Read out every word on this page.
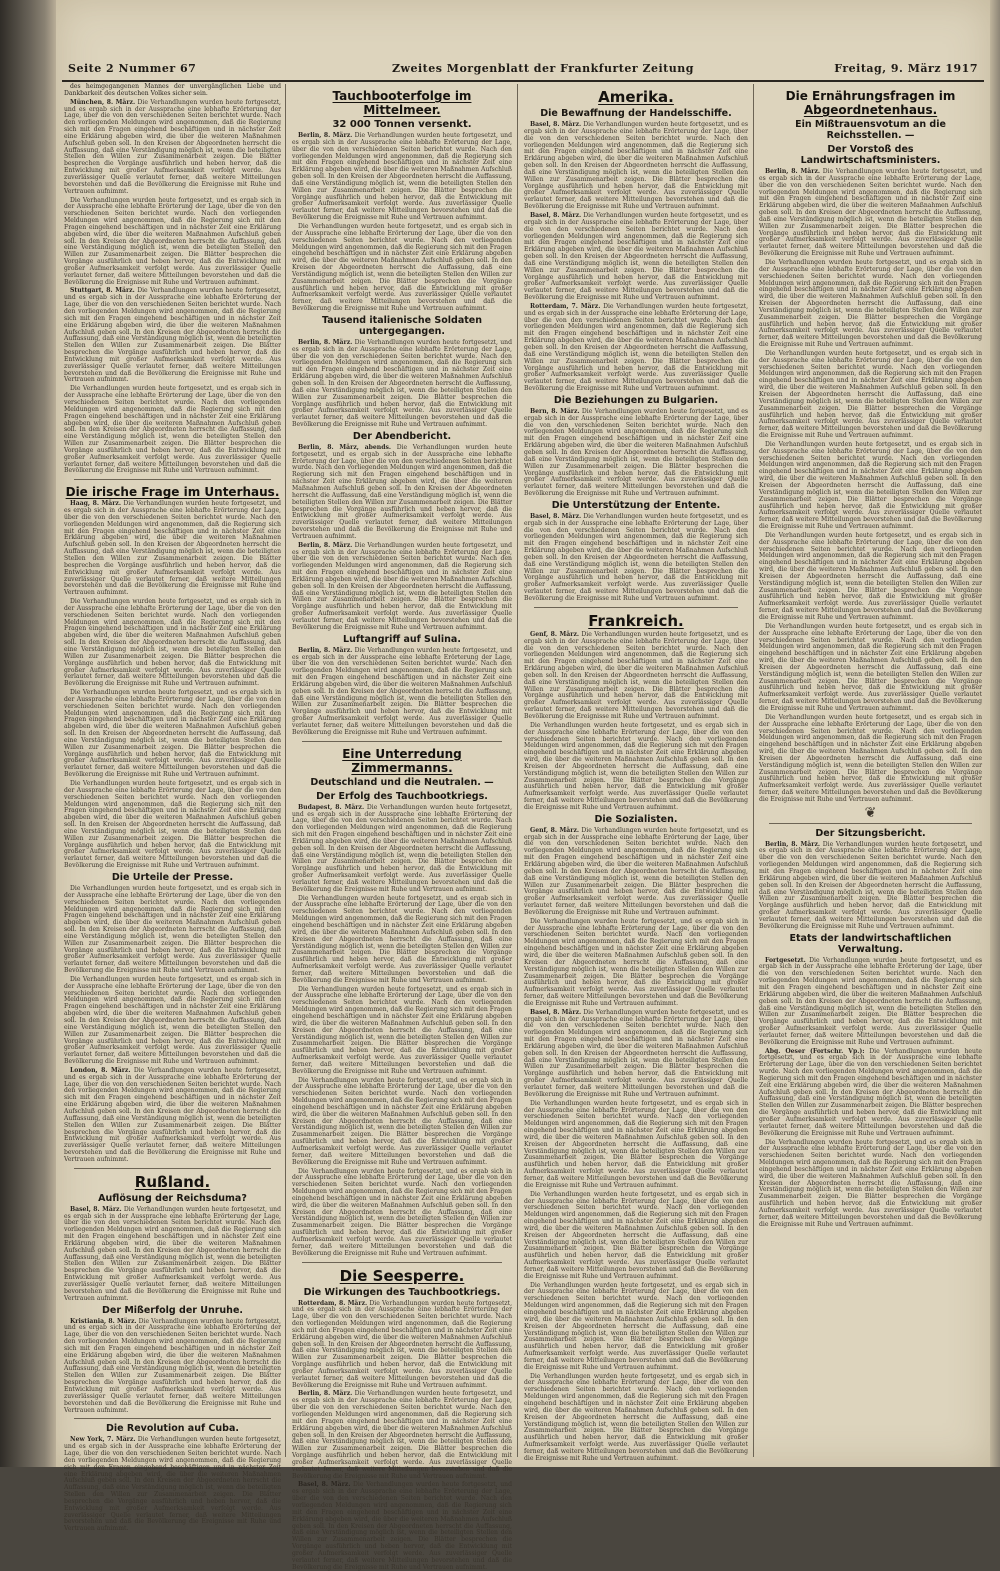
Seite 2 Nummer 67	Zweites Morgenblatt der Frankfurter Zeitung	Freitag, 9. März 1917

des heimgegangenen Mannes der unvergänglichen Liebe und Dankbarkeit des deutschen Volkes sicher sein.

München, 8. März. Die Verhandlungen wurden heute fortgesetzt, und es ergab sich in der Aussprache eine lebhafte Erörterung der Lage, über die von den verschiedenen Seiten berichtet wurde. Nach den vorliegenden Meldungen wird angenommen, daß die Regierung sich mit den Fragen eingehend beschäftigen und in nächster Zeit eine Erklärung abgeben wird, die über die weiteren Maßnahmen Aufschluß geben soll. In den Kreisen der Abgeordneten herrscht die Auffassung, daß eine Verständigung möglich ist, wenn die beteiligten Stellen den Willen zur Zusammenarbeit zeigen. Die Blätter besprechen die Vorgänge ausführlich und heben hervor, daß die Entwicklung mit großer Aufmerksamkeit verfolgt werde. Aus zuverlässiger Quelle verlautet ferner, daß weitere Mitteilungen bevorstehen und daß die Bevölkerung die Ereignisse mit Ruhe und Vertrauen aufnimmt.

Die Verhandlungen wurden heute fortgesetzt, und es ergab sich in der Aussprache eine lebhafte Erörterung der Lage, über die von den verschiedenen Seiten berichtet wurde. Nach den vorliegenden Meldungen wird angenommen, daß die Regierung sich mit den Fragen eingehend beschäftigen und in nächster Zeit eine Erklärung abgeben wird, die über die weiteren Maßnahmen Aufschluß geben soll. In den Kreisen der Abgeordneten herrscht die Auffassung, daß eine Verständigung möglich ist, wenn die beteiligten Stellen den Willen zur Zusammenarbeit zeigen. Die Blätter besprechen die Vorgänge ausführlich und heben hervor, daß die Entwicklung mit großer Aufmerksamkeit verfolgt werde. Aus zuverlässiger Quelle verlautet ferner, daß weitere Mitteilungen bevorstehen und daß die Bevölkerung die Ereignisse mit Ruhe und Vertrauen aufnimmt.

Stuttgart, 8. März. Die Verhandlungen wurden heute fortgesetzt, und es ergab sich in der Aussprache eine lebhafte Erörterung der Lage, über die von den verschiedenen Seiten berichtet wurde. Nach den vorliegenden Meldungen wird angenommen, daß die Regierung sich mit den Fragen eingehend beschäftigen und in nächster Zeit eine Erklärung abgeben wird, die über die weiteren Maßnahmen Aufschluß geben soll. In den Kreisen der Abgeordneten herrscht die Auffassung, daß eine Verständigung möglich ist, wenn die beteiligten Stellen den Willen zur Zusammenarbeit zeigen. Die Blätter besprechen die Vorgänge ausführlich und heben hervor, daß die Entwicklung mit großer Aufmerksamkeit verfolgt werde. Aus zuverlässiger Quelle verlautet ferner, daß weitere Mitteilungen bevorstehen und daß die Bevölkerung die Ereignisse mit Ruhe und Vertrauen aufnimmt.

Die Verhandlungen wurden heute fortgesetzt, und es ergab sich in der Aussprache eine lebhafte Erörterung der Lage, über die von den verschiedenen Seiten berichtet wurde. Nach den vorliegenden Meldungen wird angenommen, daß die Regierung sich mit den Fragen eingehend beschäftigen und in nächster Zeit eine Erklärung abgeben wird, die über die weiteren Maßnahmen Aufschluß geben soll. In den Kreisen der Abgeordneten herrscht die Auffassung, daß eine Verständigung möglich ist, wenn die beteiligten Stellen den Willen zur Zusammenarbeit zeigen. Die Blätter besprechen die Vorgänge ausführlich und heben hervor, daß die Entwicklung mit großer Aufmerksamkeit verfolgt werde. Aus zuverlässiger Quelle verlautet ferner, daß weitere Mitteilungen bevorstehen und daß die Bevölkerung die Ereignisse mit Ruhe und Vertrauen aufnimmt.

Die irische Frage im Unterhaus.

Haag, 8. März. Die Verhandlungen wurden heute fortgesetzt, und es ergab sich in der Aussprache eine lebhafte Erörterung der Lage, über die von den verschiedenen Seiten berichtet wurde. Nach den vorliegenden Meldungen wird angenommen, daß die Regierung sich mit den Fragen eingehend beschäftigen und in nächster Zeit eine Erklärung abgeben wird, die über die weiteren Maßnahmen Aufschluß geben soll. In den Kreisen der Abgeordneten herrscht die Auffassung, daß eine Verständigung möglich ist, wenn die beteiligten Stellen den Willen zur Zusammenarbeit zeigen. Die Blätter besprechen die Vorgänge ausführlich und heben hervor, daß die Entwicklung mit großer Aufmerksamkeit verfolgt werde. Aus zuverlässiger Quelle verlautet ferner, daß weitere Mitteilungen bevorstehen und daß die Bevölkerung die Ereignisse mit Ruhe und Vertrauen aufnimmt.

Die Verhandlungen wurden heute fortgesetzt, und es ergab sich in der Aussprache eine lebhafte Erörterung der Lage, über die von den verschiedenen Seiten berichtet wurde. Nach den vorliegenden Meldungen wird angenommen, daß die Regierung sich mit den Fragen eingehend beschäftigen und in nächster Zeit eine Erklärung abgeben wird, die über die weiteren Maßnahmen Aufschluß geben soll. In den Kreisen der Abgeordneten herrscht die Auffassung, daß eine Verständigung möglich ist, wenn die beteiligten Stellen den Willen zur Zusammenarbeit zeigen. Die Blätter besprechen die Vorgänge ausführlich und heben hervor, daß die Entwicklung mit großer Aufmerksamkeit verfolgt werde. Aus zuverlässiger Quelle verlautet ferner, daß weitere Mitteilungen bevorstehen und daß die Bevölkerung die Ereignisse mit Ruhe und Vertrauen aufnimmt.

Die Verhandlungen wurden heute fortgesetzt, und es ergab sich in der Aussprache eine lebhafte Erörterung der Lage, über die von den verschiedenen Seiten berichtet wurde. Nach den vorliegenden Meldungen wird angenommen, daß die Regierung sich mit den Fragen eingehend beschäftigen und in nächster Zeit eine Erklärung abgeben wird, die über die weiteren Maßnahmen Aufschluß geben soll. In den Kreisen der Abgeordneten herrscht die Auffassung, daß eine Verständigung möglich ist, wenn die beteiligten Stellen den Willen zur Zusammenarbeit zeigen. Die Blätter besprechen die Vorgänge ausführlich und heben hervor, daß die Entwicklung mit großer Aufmerksamkeit verfolgt werde. Aus zuverlässiger Quelle verlautet ferner, daß weitere Mitteilungen bevorstehen und daß die Bevölkerung die Ereignisse mit Ruhe und Vertrauen aufnimmt.

Die Verhandlungen wurden heute fortgesetzt, und es ergab sich in der Aussprache eine lebhafte Erörterung der Lage, über die von den verschiedenen Seiten berichtet wurde. Nach den vorliegenden Meldungen wird angenommen, daß die Regierung sich mit den Fragen eingehend beschäftigen und in nächster Zeit eine Erklärung abgeben wird, die über die weiteren Maßnahmen Aufschluß geben soll. In den Kreisen der Abgeordneten herrscht die Auffassung, daß eine Verständigung möglich ist, wenn die beteiligten Stellen den Willen zur Zusammenarbeit zeigen. Die Blätter besprechen die Vorgänge ausführlich und heben hervor, daß die Entwicklung mit großer Aufmerksamkeit verfolgt werde. Aus zuverlässiger Quelle verlautet ferner, daß weitere Mitteilungen bevorstehen und daß die Bevölkerung die Ereignisse mit Ruhe und Vertrauen aufnimmt.

Die Urteile der Presse.

Die Verhandlungen wurden heute fortgesetzt, und es ergab sich in der Aussprache eine lebhafte Erörterung der Lage, über die von den verschiedenen Seiten berichtet wurde. Nach den vorliegenden Meldungen wird angenommen, daß die Regierung sich mit den Fragen eingehend beschäftigen und in nächster Zeit eine Erklärung abgeben wird, die über die weiteren Maßnahmen Aufschluß geben soll. In den Kreisen der Abgeordneten herrscht die Auffassung, daß eine Verständigung möglich ist, wenn die beteiligten Stellen den Willen zur Zusammenarbeit zeigen. Die Blätter besprechen die Vorgänge ausführlich und heben hervor, daß die Entwicklung mit großer Aufmerksamkeit verfolgt werde. Aus zuverlässiger Quelle verlautet ferner, daß weitere Mitteilungen bevorstehen und daß die Bevölkerung die Ereignisse mit Ruhe und Vertrauen aufnimmt.

Die Verhandlungen wurden heute fortgesetzt, und es ergab sich in der Aussprache eine lebhafte Erörterung der Lage, über die von den verschiedenen Seiten berichtet wurde. Nach den vorliegenden Meldungen wird angenommen, daß die Regierung sich mit den Fragen eingehend beschäftigen und in nächster Zeit eine Erklärung abgeben wird, die über die weiteren Maßnahmen Aufschluß geben soll. In den Kreisen der Abgeordneten herrscht die Auffassung, daß eine Verständigung möglich ist, wenn die beteiligten Stellen den Willen zur Zusammenarbeit zeigen. Die Blätter besprechen die Vorgänge ausführlich und heben hervor, daß die Entwicklung mit großer Aufmerksamkeit verfolgt werde. Aus zuverlässiger Quelle verlautet ferner, daß weitere Mitteilungen bevorstehen und daß die Bevölkerung die Ereignisse mit Ruhe und Vertrauen aufnimmt.

London, 8. März. Die Verhandlungen wurden heute fortgesetzt, und es ergab sich in der Aussprache eine lebhafte Erörterung der Lage, über die von den verschiedenen Seiten berichtet wurde. Nach den vorliegenden Meldungen wird angenommen, daß die Regierung sich mit den Fragen eingehend beschäftigen und in nächster Zeit eine Erklärung abgeben wird, die über die weiteren Maßnahmen Aufschluß geben soll. In den Kreisen der Abgeordneten herrscht die Auffassung, daß eine Verständigung möglich ist, wenn die beteiligten Stellen den Willen zur Zusammenarbeit zeigen. Die Blätter besprechen die Vorgänge ausführlich und heben hervor, daß die Entwicklung mit großer Aufmerksamkeit verfolgt werde. Aus zuverlässiger Quelle verlautet ferner, daß weitere Mitteilungen bevorstehen und daß die Bevölkerung die Ereignisse mit Ruhe und Vertrauen aufnimmt.

Rußland.
Auflösung der Reichsduma?

Basel, 8. März. Die Verhandlungen wurden heute fortgesetzt, und es ergab sich in der Aussprache eine lebhafte Erörterung der Lage, über die von den verschiedenen Seiten berichtet wurde. Nach den vorliegenden Meldungen wird angenommen, daß die Regierung sich mit den Fragen eingehend beschäftigen und in nächster Zeit eine Erklärung abgeben wird, die über die weiteren Maßnahmen Aufschluß geben soll. In den Kreisen der Abgeordneten herrscht die Auffassung, daß eine Verständigung möglich ist, wenn die beteiligten Stellen den Willen zur Zusammenarbeit zeigen. Die Blätter besprechen die Vorgänge ausführlich und heben hervor, daß die Entwicklung mit großer Aufmerksamkeit verfolgt werde. Aus zuverlässiger Quelle verlautet ferner, daß weitere Mitteilungen bevorstehen und daß die Bevölkerung die Ereignisse mit Ruhe und Vertrauen aufnimmt.

Der Mißerfolg der Unruhe.

Kristiania, 8. März. Die Verhandlungen wurden heute fortgesetzt, und es ergab sich in der Aussprache eine lebhafte Erörterung der Lage, über die von den verschiedenen Seiten berichtet wurde. Nach den vorliegenden Meldungen wird angenommen, daß die Regierung sich mit den Fragen eingehend beschäftigen und in nächster Zeit eine Erklärung abgeben wird, die über die weiteren Maßnahmen Aufschluß geben soll. In den Kreisen der Abgeordneten herrscht die Auffassung, daß eine Verständigung möglich ist, wenn die beteiligten Stellen den Willen zur Zusammenarbeit zeigen. Die Blätter besprechen die Vorgänge ausführlich und heben hervor, daß die Entwicklung mit großer Aufmerksamkeit verfolgt werde. Aus zuverlässiger Quelle verlautet ferner, daß weitere Mitteilungen bevorstehen und daß die Bevölkerung die Ereignisse mit Ruhe und Vertrauen aufnimmt.

Die Revolution auf Cuba.

New York, 7. März. Die Verhandlungen wurden heute fortgesetzt, und es ergab sich in der Aussprache eine lebhafte Erörterung der Lage, über die von den verschiedenen Seiten berichtet wurde. Nach den vorliegenden Meldungen wird angenommen, daß die Regierung sich mit den Fragen eingehend beschäftigen und in nächster Zeit eine Erklärung abgeben wird, die über die weiteren Maßnahmen Aufschluß geben soll. In den Kreisen der Abgeordneten herrscht die Auffassung, daß eine Verständigung möglich ist, wenn die beteiligten Stellen den Willen zur Zusammenarbeit zeigen. Die Blätter besprechen die Vorgänge ausführlich und heben hervor, daß die Entwicklung mit großer Aufmerksamkeit verfolgt werde. Aus zuverlässiger Quelle verlautet ferner, daß weitere Mitteilungen bevorstehen und daß die Bevölkerung die Ereignisse mit Ruhe und Vertrauen aufnimmt.

Tauchbooterfolge im Mittelmeer.
32 000 Tonnen versenkt.

Berlin, 8. März. Die Verhandlungen wurden heute fortgesetzt, und es ergab sich in der Aussprache eine lebhafte Erörterung der Lage, über die von den verschiedenen Seiten berichtet wurde. Nach den vorliegenden Meldungen wird angenommen, daß die Regierung sich mit den Fragen eingehend beschäftigen und in nächster Zeit eine Erklärung abgeben wird, die über die weiteren Maßnahmen Aufschluß geben soll. In den Kreisen der Abgeordneten herrscht die Auffassung, daß eine Verständigung möglich ist, wenn die beteiligten Stellen den Willen zur Zusammenarbeit zeigen. Die Blätter besprechen die Vorgänge ausführlich und heben hervor, daß die Entwicklung mit großer Aufmerksamkeit verfolgt werde. Aus zuverlässiger Quelle verlautet ferner, daß weitere Mitteilungen bevorstehen und daß die Bevölkerung die Ereignisse mit Ruhe und Vertrauen aufnimmt.

Die Verhandlungen wurden heute fortgesetzt, und es ergab sich in der Aussprache eine lebhafte Erörterung der Lage, über die von den verschiedenen Seiten berichtet wurde. Nach den vorliegenden Meldungen wird angenommen, daß die Regierung sich mit den Fragen eingehend beschäftigen und in nächster Zeit eine Erklärung abgeben wird, die über die weiteren Maßnahmen Aufschluß geben soll. In den Kreisen der Abgeordneten herrscht die Auffassung, daß eine Verständigung möglich ist, wenn die beteiligten Stellen den Willen zur Zusammenarbeit zeigen. Die Blätter besprechen die Vorgänge ausführlich und heben hervor, daß die Entwicklung mit großer Aufmerksamkeit verfolgt werde. Aus zuverlässiger Quelle verlautet ferner, daß weitere Mitteilungen bevorstehen und daß die Bevölkerung die Ereignisse mit Ruhe und Vertrauen aufnimmt.

Tausend italienische Soldaten untergegangen.

Berlin, 8. März. Die Verhandlungen wurden heute fortgesetzt, und es ergab sich in der Aussprache eine lebhafte Erörterung der Lage, über die von den verschiedenen Seiten berichtet wurde. Nach den vorliegenden Meldungen wird angenommen, daß die Regierung sich mit den Fragen eingehend beschäftigen und in nächster Zeit eine Erklärung abgeben wird, die über die weiteren Maßnahmen Aufschluß geben soll. In den Kreisen der Abgeordneten herrscht die Auffassung, daß eine Verständigung möglich ist, wenn die beteiligten Stellen den Willen zur Zusammenarbeit zeigen. Die Blätter besprechen die Vorgänge ausführlich und heben hervor, daß die Entwicklung mit großer Aufmerksamkeit verfolgt werde. Aus zuverlässiger Quelle verlautet ferner, daß weitere Mitteilungen bevorstehen und daß die Bevölkerung die Ereignisse mit Ruhe und Vertrauen aufnimmt.

Der Abendbericht.

Berlin, 8. März, abends. Die Verhandlungen wurden heute fortgesetzt, und es ergab sich in der Aussprache eine lebhafte Erörterung der Lage, über die von den verschiedenen Seiten berichtet wurde. Nach den vorliegenden Meldungen wird angenommen, daß die Regierung sich mit den Fragen eingehend beschäftigen und in nächster Zeit eine Erklärung abgeben wird, die über die weiteren Maßnahmen Aufschluß geben soll. In den Kreisen der Abgeordneten herrscht die Auffassung, daß eine Verständigung möglich ist, wenn die beteiligten Stellen den Willen zur Zusammenarbeit zeigen. Die Blätter besprechen die Vorgänge ausführlich und heben hervor, daß die Entwicklung mit großer Aufmerksamkeit verfolgt werde. Aus zuverlässiger Quelle verlautet ferner, daß weitere Mitteilungen bevorstehen und daß die Bevölkerung die Ereignisse mit Ruhe und Vertrauen aufnimmt.

Berlin, 8. März. Die Verhandlungen wurden heute fortgesetzt, und es ergab sich in der Aussprache eine lebhafte Erörterung der Lage, über die von den verschiedenen Seiten berichtet wurde. Nach den vorliegenden Meldungen wird angenommen, daß die Regierung sich mit den Fragen eingehend beschäftigen und in nächster Zeit eine Erklärung abgeben wird, die über die weiteren Maßnahmen Aufschluß geben soll. In den Kreisen der Abgeordneten herrscht die Auffassung, daß eine Verständigung möglich ist, wenn die beteiligten Stellen den Willen zur Zusammenarbeit zeigen. Die Blätter besprechen die Vorgänge ausführlich und heben hervor, daß die Entwicklung mit großer Aufmerksamkeit verfolgt werde. Aus zuverlässiger Quelle verlautet ferner, daß weitere Mitteilungen bevorstehen und daß die Bevölkerung die Ereignisse mit Ruhe und Vertrauen aufnimmt.

Luftangriff auf Sulina.

Berlin, 8. März. Die Verhandlungen wurden heute fortgesetzt, und es ergab sich in der Aussprache eine lebhafte Erörterung der Lage, über die von den verschiedenen Seiten berichtet wurde. Nach den vorliegenden Meldungen wird angenommen, daß die Regierung sich mit den Fragen eingehend beschäftigen und in nächster Zeit eine Erklärung abgeben wird, die über die weiteren Maßnahmen Aufschluß geben soll. In den Kreisen der Abgeordneten herrscht die Auffassung, daß eine Verständigung möglich ist, wenn die beteiligten Stellen den Willen zur Zusammenarbeit zeigen. Die Blätter besprechen die Vorgänge ausführlich und heben hervor, daß die Entwicklung mit großer Aufmerksamkeit verfolgt werde. Aus zuverlässiger Quelle verlautet ferner, daß weitere Mitteilungen bevorstehen und daß die Bevölkerung die Ereignisse mit Ruhe und Vertrauen aufnimmt.

Eine Unterredung Zimmermanns.
Deutschland und die Neutralen. —
Der Erfolg des Tauchbootkriegs.

Budapest, 8. März. Die Verhandlungen wurden heute fortgesetzt, und es ergab sich in der Aussprache eine lebhafte Erörterung der Lage, über die von den verschiedenen Seiten berichtet wurde. Nach den vorliegenden Meldungen wird angenommen, daß die Regierung sich mit den Fragen eingehend beschäftigen und in nächster Zeit eine Erklärung abgeben wird, die über die weiteren Maßnahmen Aufschluß geben soll. In den Kreisen der Abgeordneten herrscht die Auffassung, daß eine Verständigung möglich ist, wenn die beteiligten Stellen den Willen zur Zusammenarbeit zeigen. Die Blätter besprechen die Vorgänge ausführlich und heben hervor, daß die Entwicklung mit großer Aufmerksamkeit verfolgt werde. Aus zuverlässiger Quelle verlautet ferner, daß weitere Mitteilungen bevorstehen und daß die Bevölkerung die Ereignisse mit Ruhe und Vertrauen aufnimmt.

Die Verhandlungen wurden heute fortgesetzt, und es ergab sich in der Aussprache eine lebhafte Erörterung der Lage, über die von den verschiedenen Seiten berichtet wurde. Nach den vorliegenden Meldungen wird angenommen, daß die Regierung sich mit den Fragen eingehend beschäftigen und in nächster Zeit eine Erklärung abgeben wird, die über die weiteren Maßnahmen Aufschluß geben soll. In den Kreisen der Abgeordneten herrscht die Auffassung, daß eine Verständigung möglich ist, wenn die beteiligten Stellen den Willen zur Zusammenarbeit zeigen. Die Blätter besprechen die Vorgänge ausführlich und heben hervor, daß die Entwicklung mit großer Aufmerksamkeit verfolgt werde. Aus zuverlässiger Quelle verlautet ferner, daß weitere Mitteilungen bevorstehen und daß die Bevölkerung die Ereignisse mit Ruhe und Vertrauen aufnimmt.

Die Verhandlungen wurden heute fortgesetzt, und es ergab sich in der Aussprache eine lebhafte Erörterung der Lage, über die von den verschiedenen Seiten berichtet wurde. Nach den vorliegenden Meldungen wird angenommen, daß die Regierung sich mit den Fragen eingehend beschäftigen und in nächster Zeit eine Erklärung abgeben wird, die über die weiteren Maßnahmen Aufschluß geben soll. In den Kreisen der Abgeordneten herrscht die Auffassung, daß eine Verständigung möglich ist, wenn die beteiligten Stellen den Willen zur Zusammenarbeit zeigen. Die Blätter besprechen die Vorgänge ausführlich und heben hervor, daß die Entwicklung mit großer Aufmerksamkeit verfolgt werde. Aus zuverlässiger Quelle verlautet ferner, daß weitere Mitteilungen bevorstehen und daß die Bevölkerung die Ereignisse mit Ruhe und Vertrauen aufnimmt.

Die Verhandlungen wurden heute fortgesetzt, und es ergab sich in der Aussprache eine lebhafte Erörterung der Lage, über die von den verschiedenen Seiten berichtet wurde. Nach den vorliegenden Meldungen wird angenommen, daß die Regierung sich mit den Fragen eingehend beschäftigen und in nächster Zeit eine Erklärung abgeben wird, die über die weiteren Maßnahmen Aufschluß geben soll. In den Kreisen der Abgeordneten herrscht die Auffassung, daß eine Verständigung möglich ist, wenn die beteiligten Stellen den Willen zur Zusammenarbeit zeigen. Die Blätter besprechen die Vorgänge ausführlich und heben hervor, daß die Entwicklung mit großer Aufmerksamkeit verfolgt werde. Aus zuverlässiger Quelle verlautet ferner, daß weitere Mitteilungen bevorstehen und daß die Bevölkerung die Ereignisse mit Ruhe und Vertrauen aufnimmt.

Die Verhandlungen wurden heute fortgesetzt, und es ergab sich in der Aussprache eine lebhafte Erörterung der Lage, über die von den verschiedenen Seiten berichtet wurde. Nach den vorliegenden Meldungen wird angenommen, daß die Regierung sich mit den Fragen eingehend beschäftigen und in nächster Zeit eine Erklärung abgeben wird, die über die weiteren Maßnahmen Aufschluß geben soll. In den Kreisen der Abgeordneten herrscht die Auffassung, daß eine Verständigung möglich ist, wenn die beteiligten Stellen den Willen zur Zusammenarbeit zeigen. Die Blätter besprechen die Vorgänge ausführlich und heben hervor, daß die Entwicklung mit großer Aufmerksamkeit verfolgt werde. Aus zuverlässiger Quelle verlautet ferner, daß weitere Mitteilungen bevorstehen und daß die Bevölkerung die Ereignisse mit Ruhe und Vertrauen aufnimmt.

Die Seesperre.
Die Wirkungen des Tauchbootkriegs.

Rotterdam, 8. März. Die Verhandlungen wurden heute fortgesetzt, und es ergab sich in der Aussprache eine lebhafte Erörterung der Lage, über die von den verschiedenen Seiten berichtet wurde. Nach den vorliegenden Meldungen wird angenommen, daß die Regierung sich mit den Fragen eingehend beschäftigen und in nächster Zeit eine Erklärung abgeben wird, die über die weiteren Maßnahmen Aufschluß geben soll. In den Kreisen der Abgeordneten herrscht die Auffassung, daß eine Verständigung möglich ist, wenn die beteiligten Stellen den Willen zur Zusammenarbeit zeigen. Die Blätter besprechen die Vorgänge ausführlich und heben hervor, daß die Entwicklung mit großer Aufmerksamkeit verfolgt werde. Aus zuverlässiger Quelle verlautet ferner, daß weitere Mitteilungen bevorstehen und daß die Bevölkerung die Ereignisse mit Ruhe und Vertrauen aufnimmt.

Berlin, 8. März. Die Verhandlungen wurden heute fortgesetzt, und es ergab sich in der Aussprache eine lebhafte Erörterung der Lage, über die von den verschiedenen Seiten berichtet wurde. Nach den vorliegenden Meldungen wird angenommen, daß die Regierung sich mit den Fragen eingehend beschäftigen und in nächster Zeit eine Erklärung abgeben wird, die über die weiteren Maßnahmen Aufschluß geben soll. In den Kreisen der Abgeordneten herrscht die Auffassung, daß eine Verständigung möglich ist, wenn die beteiligten Stellen den Willen zur Zusammenarbeit zeigen. Die Blätter besprechen die Vorgänge ausführlich und heben hervor, daß die Entwicklung mit großer Aufmerksamkeit verfolgt werde. Aus zuverlässiger Quelle verlautet ferner, daß weitere Mitteilungen bevorstehen und daß die Bevölkerung die Ereignisse mit Ruhe und Vertrauen aufnimmt.

Basel, 8. März. Die Verhandlungen wurden heute fortgesetzt, und es ergab sich in der Aussprache eine lebhafte Erörterung der Lage, über die von den verschiedenen Seiten berichtet wurde. Nach den vorliegenden Meldungen wird angenommen, daß die Regierung sich mit den Fragen eingehend beschäftigen und in nächster Zeit eine Erklärung abgeben wird, die über die weiteren Maßnahmen Aufschluß geben soll. In den Kreisen der Abgeordneten herrscht die Auffassung, daß eine Verständigung möglich ist, wenn die beteiligten Stellen den Willen zur Zusammenarbeit zeigen. Die Blätter besprechen die Vorgänge ausführlich und heben hervor, daß die Entwicklung mit großer Aufmerksamkeit verfolgt werde. Aus zuverlässiger Quelle verlautet ferner, daß weitere Mitteilungen bevorstehen und daß die Bevölkerung die Ereignisse mit Ruhe und Vertrauen aufnimmt.

Amerika.
Die Bewaffnung der Handelsschiffe.

Basel, 8. März. Die Verhandlungen wurden heute fortgesetzt, und es ergab sich in der Aussprache eine lebhafte Erörterung der Lage, über die von den verschiedenen Seiten berichtet wurde. Nach den vorliegenden Meldungen wird angenommen, daß die Regierung sich mit den Fragen eingehend beschäftigen und in nächster Zeit eine Erklärung abgeben wird, die über die weiteren Maßnahmen Aufschluß geben soll. In den Kreisen der Abgeordneten herrscht die Auffassung, daß eine Verständigung möglich ist, wenn die beteiligten Stellen den Willen zur Zusammenarbeit zeigen. Die Blätter besprechen die Vorgänge ausführlich und heben hervor, daß die Entwicklung mit großer Aufmerksamkeit verfolgt werde. Aus zuverlässiger Quelle verlautet ferner, daß weitere Mitteilungen bevorstehen und daß die Bevölkerung die Ereignisse mit Ruhe und Vertrauen aufnimmt.

Basel, 8. März. Die Verhandlungen wurden heute fortgesetzt, und es ergab sich in der Aussprache eine lebhafte Erörterung der Lage, über die von den verschiedenen Seiten berichtet wurde. Nach den vorliegenden Meldungen wird angenommen, daß die Regierung sich mit den Fragen eingehend beschäftigen und in nächster Zeit eine Erklärung abgeben wird, die über die weiteren Maßnahmen Aufschluß geben soll. In den Kreisen der Abgeordneten herrscht die Auffassung, daß eine Verständigung möglich ist, wenn die beteiligten Stellen den Willen zur Zusammenarbeit zeigen. Die Blätter besprechen die Vorgänge ausführlich und heben hervor, daß die Entwicklung mit großer Aufmerksamkeit verfolgt werde. Aus zuverlässiger Quelle verlautet ferner, daß weitere Mitteilungen bevorstehen und daß die Bevölkerung die Ereignisse mit Ruhe und Vertrauen aufnimmt.

Rotterdam, 7. März. Die Verhandlungen wurden heute fortgesetzt, und es ergab sich in der Aussprache eine lebhafte Erörterung der Lage, über die von den verschiedenen Seiten berichtet wurde. Nach den vorliegenden Meldungen wird angenommen, daß die Regierung sich mit den Fragen eingehend beschäftigen und in nächster Zeit eine Erklärung abgeben wird, die über die weiteren Maßnahmen Aufschluß geben soll. In den Kreisen der Abgeordneten herrscht die Auffassung, daß eine Verständigung möglich ist, wenn die beteiligten Stellen den Willen zur Zusammenarbeit zeigen. Die Blätter besprechen die Vorgänge ausführlich und heben hervor, daß die Entwicklung mit großer Aufmerksamkeit verfolgt werde. Aus zuverlässiger Quelle verlautet ferner, daß weitere Mitteilungen bevorstehen und daß die Bevölkerung die Ereignisse mit Ruhe und Vertrauen aufnimmt.

Die Beziehungen zu Bulgarien.

Bern, 8. März. Die Verhandlungen wurden heute fortgesetzt, und es ergab sich in der Aussprache eine lebhafte Erörterung der Lage, über die von den verschiedenen Seiten berichtet wurde. Nach den vorliegenden Meldungen wird angenommen, daß die Regierung sich mit den Fragen eingehend beschäftigen und in nächster Zeit eine Erklärung abgeben wird, die über die weiteren Maßnahmen Aufschluß geben soll. In den Kreisen der Abgeordneten herrscht die Auffassung, daß eine Verständigung möglich ist, wenn die beteiligten Stellen den Willen zur Zusammenarbeit zeigen. Die Blätter besprechen die Vorgänge ausführlich und heben hervor, daß die Entwicklung mit großer Aufmerksamkeit verfolgt werde. Aus zuverlässiger Quelle verlautet ferner, daß weitere Mitteilungen bevorstehen und daß die Bevölkerung die Ereignisse mit Ruhe und Vertrauen aufnimmt.

Die Unterstützung der Entente.

Basel, 8. März. Die Verhandlungen wurden heute fortgesetzt, und es ergab sich in der Aussprache eine lebhafte Erörterung der Lage, über die von den verschiedenen Seiten berichtet wurde. Nach den vorliegenden Meldungen wird angenommen, daß die Regierung sich mit den Fragen eingehend beschäftigen und in nächster Zeit eine Erklärung abgeben wird, die über die weiteren Maßnahmen Aufschluß geben soll. In den Kreisen der Abgeordneten herrscht die Auffassung, daß eine Verständigung möglich ist, wenn die beteiligten Stellen den Willen zur Zusammenarbeit zeigen. Die Blätter besprechen die Vorgänge ausführlich und heben hervor, daß die Entwicklung mit großer Aufmerksamkeit verfolgt werde. Aus zuverlässiger Quelle verlautet ferner, daß weitere Mitteilungen bevorstehen und daß die Bevölkerung die Ereignisse mit Ruhe und Vertrauen aufnimmt.

Frankreich.

Genf, 8. März. Die Verhandlungen wurden heute fortgesetzt, und es ergab sich in der Aussprache eine lebhafte Erörterung der Lage, über die von den verschiedenen Seiten berichtet wurde. Nach den vorliegenden Meldungen wird angenommen, daß die Regierung sich mit den Fragen eingehend beschäftigen und in nächster Zeit eine Erklärung abgeben wird, die über die weiteren Maßnahmen Aufschluß geben soll. In den Kreisen der Abgeordneten herrscht die Auffassung, daß eine Verständigung möglich ist, wenn die beteiligten Stellen den Willen zur Zusammenarbeit zeigen. Die Blätter besprechen die Vorgänge ausführlich und heben hervor, daß die Entwicklung mit großer Aufmerksamkeit verfolgt werde. Aus zuverlässiger Quelle verlautet ferner, daß weitere Mitteilungen bevorstehen und daß die Bevölkerung die Ereignisse mit Ruhe und Vertrauen aufnimmt.

Die Verhandlungen wurden heute fortgesetzt, und es ergab sich in der Aussprache eine lebhafte Erörterung der Lage, über die von den verschiedenen Seiten berichtet wurde. Nach den vorliegenden Meldungen wird angenommen, daß die Regierung sich mit den Fragen eingehend beschäftigen und in nächster Zeit eine Erklärung abgeben wird, die über die weiteren Maßnahmen Aufschluß geben soll. In den Kreisen der Abgeordneten herrscht die Auffassung, daß eine Verständigung möglich ist, wenn die beteiligten Stellen den Willen zur Zusammenarbeit zeigen. Die Blätter besprechen die Vorgänge ausführlich und heben hervor, daß die Entwicklung mit großer Aufmerksamkeit verfolgt werde. Aus zuverlässiger Quelle verlautet ferner, daß weitere Mitteilungen bevorstehen und daß die Bevölkerung die Ereignisse mit Ruhe und Vertrauen aufnimmt.

Die Sozialisten.

Genf, 8. März. Die Verhandlungen wurden heute fortgesetzt, und es ergab sich in der Aussprache eine lebhafte Erörterung der Lage, über die von den verschiedenen Seiten berichtet wurde. Nach den vorliegenden Meldungen wird angenommen, daß die Regierung sich mit den Fragen eingehend beschäftigen und in nächster Zeit eine Erklärung abgeben wird, die über die weiteren Maßnahmen Aufschluß geben soll. In den Kreisen der Abgeordneten herrscht die Auffassung, daß eine Verständigung möglich ist, wenn die beteiligten Stellen den Willen zur Zusammenarbeit zeigen. Die Blätter besprechen die Vorgänge ausführlich und heben hervor, daß die Entwicklung mit großer Aufmerksamkeit verfolgt werde. Aus zuverlässiger Quelle verlautet ferner, daß weitere Mitteilungen bevorstehen und daß die Bevölkerung die Ereignisse mit Ruhe und Vertrauen aufnimmt.

Die Verhandlungen wurden heute fortgesetzt, und es ergab sich in der Aussprache eine lebhafte Erörterung der Lage, über die von den verschiedenen Seiten berichtet wurde. Nach den vorliegenden Meldungen wird angenommen, daß die Regierung sich mit den Fragen eingehend beschäftigen und in nächster Zeit eine Erklärung abgeben wird, die über die weiteren Maßnahmen Aufschluß geben soll. In den Kreisen der Abgeordneten herrscht die Auffassung, daß eine Verständigung möglich ist, wenn die beteiligten Stellen den Willen zur Zusammenarbeit zeigen. Die Blätter besprechen die Vorgänge ausführlich und heben hervor, daß die Entwicklung mit großer Aufmerksamkeit verfolgt werde. Aus zuverlässiger Quelle verlautet ferner, daß weitere Mitteilungen bevorstehen und daß die Bevölkerung die Ereignisse mit Ruhe und Vertrauen aufnimmt.

Basel, 8. März. Die Verhandlungen wurden heute fortgesetzt, und es ergab sich in der Aussprache eine lebhafte Erörterung der Lage, über die von den verschiedenen Seiten berichtet wurde. Nach den vorliegenden Meldungen wird angenommen, daß die Regierung sich mit den Fragen eingehend beschäftigen und in nächster Zeit eine Erklärung abgeben wird, die über die weiteren Maßnahmen Aufschluß geben soll. In den Kreisen der Abgeordneten herrscht die Auffassung, daß eine Verständigung möglich ist, wenn die beteiligten Stellen den Willen zur Zusammenarbeit zeigen. Die Blätter besprechen die Vorgänge ausführlich und heben hervor, daß die Entwicklung mit großer Aufmerksamkeit verfolgt werde. Aus zuverlässiger Quelle verlautet ferner, daß weitere Mitteilungen bevorstehen und daß die Bevölkerung die Ereignisse mit Ruhe und Vertrauen aufnimmt.

Die Verhandlungen wurden heute fortgesetzt, und es ergab sich in der Aussprache eine lebhafte Erörterung der Lage, über die von den verschiedenen Seiten berichtet wurde. Nach den vorliegenden Meldungen wird angenommen, daß die Regierung sich mit den Fragen eingehend beschäftigen und in nächster Zeit eine Erklärung abgeben wird, die über die weiteren Maßnahmen Aufschluß geben soll. In den Kreisen der Abgeordneten herrscht die Auffassung, daß eine Verständigung möglich ist, wenn die beteiligten Stellen den Willen zur Zusammenarbeit zeigen. Die Blätter besprechen die Vorgänge ausführlich und heben hervor, daß die Entwicklung mit großer Aufmerksamkeit verfolgt werde. Aus zuverlässiger Quelle verlautet ferner, daß weitere Mitteilungen bevorstehen und daß die Bevölkerung die Ereignisse mit Ruhe und Vertrauen aufnimmt.

Die Verhandlungen wurden heute fortgesetzt, und es ergab sich in der Aussprache eine lebhafte Erörterung der Lage, über die von den verschiedenen Seiten berichtet wurde. Nach den vorliegenden Meldungen wird angenommen, daß die Regierung sich mit den Fragen eingehend beschäftigen und in nächster Zeit eine Erklärung abgeben wird, die über die weiteren Maßnahmen Aufschluß geben soll. In den Kreisen der Abgeordneten herrscht die Auffassung, daß eine Verständigung möglich ist, wenn die beteiligten Stellen den Willen zur Zusammenarbeit zeigen. Die Blätter besprechen die Vorgänge ausführlich und heben hervor, daß die Entwicklung mit großer Aufmerksamkeit verfolgt werde. Aus zuverlässiger Quelle verlautet ferner, daß weitere Mitteilungen bevorstehen und daß die Bevölkerung die Ereignisse mit Ruhe und Vertrauen aufnimmt.

Die Verhandlungen wurden heute fortgesetzt, und es ergab sich in der Aussprache eine lebhafte Erörterung der Lage, über die von den verschiedenen Seiten berichtet wurde. Nach den vorliegenden Meldungen wird angenommen, daß die Regierung sich mit den Fragen eingehend beschäftigen und in nächster Zeit eine Erklärung abgeben wird, die über die weiteren Maßnahmen Aufschluß geben soll. In den Kreisen der Abgeordneten herrscht die Auffassung, daß eine Verständigung möglich ist, wenn die beteiligten Stellen den Willen zur Zusammenarbeit zeigen. Die Blätter besprechen die Vorgänge ausführlich und heben hervor, daß die Entwicklung mit großer Aufmerksamkeit verfolgt werde. Aus zuverlässiger Quelle verlautet ferner, daß weitere Mitteilungen bevorstehen und daß die Bevölkerung die Ereignisse mit Ruhe und Vertrauen aufnimmt.

Die Verhandlungen wurden heute fortgesetzt, und es ergab sich in der Aussprache eine lebhafte Erörterung der Lage, über die von den verschiedenen Seiten berichtet wurde. Nach den vorliegenden Meldungen wird angenommen, daß die Regierung sich mit den Fragen eingehend beschäftigen und in nächster Zeit eine Erklärung abgeben wird, die über die weiteren Maßnahmen Aufschluß geben soll. In den Kreisen der Abgeordneten herrscht die Auffassung, daß eine Verständigung möglich ist, wenn die beteiligten Stellen den Willen zur Zusammenarbeit zeigen. Die Blätter besprechen die Vorgänge ausführlich und heben hervor, daß die Entwicklung mit großer Aufmerksamkeit verfolgt werde. Aus zuverlässiger Quelle verlautet ferner, daß weitere Mitteilungen bevorstehen und daß die Bevölkerung die Ereignisse mit Ruhe und Vertrauen aufnimmt.

Die Ernährungsfragen im
Abgeordnetenhaus.
Ein Mißtrauensvotum an die Reichsstellen. —
Der Vorstoß des Landwirtschaftsministers.

Berlin, 8. März. Die Verhandlungen wurden heute fortgesetzt, und es ergab sich in der Aussprache eine lebhafte Erörterung der Lage, über die von den verschiedenen Seiten berichtet wurde. Nach den vorliegenden Meldungen wird angenommen, daß die Regierung sich mit den Fragen eingehend beschäftigen und in nächster Zeit eine Erklärung abgeben wird, die über die weiteren Maßnahmen Aufschluß geben soll. In den Kreisen der Abgeordneten herrscht die Auffassung, daß eine Verständigung möglich ist, wenn die beteiligten Stellen den Willen zur Zusammenarbeit zeigen. Die Blätter besprechen die Vorgänge ausführlich und heben hervor, daß die Entwicklung mit großer Aufmerksamkeit verfolgt werde. Aus zuverlässiger Quelle verlautet ferner, daß weitere Mitteilungen bevorstehen und daß die Bevölkerung die Ereignisse mit Ruhe und Vertrauen aufnimmt.

Die Verhandlungen wurden heute fortgesetzt, und es ergab sich in der Aussprache eine lebhafte Erörterung der Lage, über die von den verschiedenen Seiten berichtet wurde. Nach den vorliegenden Meldungen wird angenommen, daß die Regierung sich mit den Fragen eingehend beschäftigen und in nächster Zeit eine Erklärung abgeben wird, die über die weiteren Maßnahmen Aufschluß geben soll. In den Kreisen der Abgeordneten herrscht die Auffassung, daß eine Verständigung möglich ist, wenn die beteiligten Stellen den Willen zur Zusammenarbeit zeigen. Die Blätter besprechen die Vorgänge ausführlich und heben hervor, daß die Entwicklung mit großer Aufmerksamkeit verfolgt werde. Aus zuverlässiger Quelle verlautet ferner, daß weitere Mitteilungen bevorstehen und daß die Bevölkerung die Ereignisse mit Ruhe und Vertrauen aufnimmt.

Die Verhandlungen wurden heute fortgesetzt, und es ergab sich in der Aussprache eine lebhafte Erörterung der Lage, über die von den verschiedenen Seiten berichtet wurde. Nach den vorliegenden Meldungen wird angenommen, daß die Regierung sich mit den Fragen eingehend beschäftigen und in nächster Zeit eine Erklärung abgeben wird, die über die weiteren Maßnahmen Aufschluß geben soll. In den Kreisen der Abgeordneten herrscht die Auffassung, daß eine Verständigung möglich ist, wenn die beteiligten Stellen den Willen zur Zusammenarbeit zeigen. Die Blätter besprechen die Vorgänge ausführlich und heben hervor, daß die Entwicklung mit großer Aufmerksamkeit verfolgt werde. Aus zuverlässiger Quelle verlautet ferner, daß weitere Mitteilungen bevorstehen und daß die Bevölkerung die Ereignisse mit Ruhe und Vertrauen aufnimmt.

Die Verhandlungen wurden heute fortgesetzt, und es ergab sich in der Aussprache eine lebhafte Erörterung der Lage, über die von den verschiedenen Seiten berichtet wurde. Nach den vorliegenden Meldungen wird angenommen, daß die Regierung sich mit den Fragen eingehend beschäftigen und in nächster Zeit eine Erklärung abgeben wird, die über die weiteren Maßnahmen Aufschluß geben soll. In den Kreisen der Abgeordneten herrscht die Auffassung, daß eine Verständigung möglich ist, wenn die beteiligten Stellen den Willen zur Zusammenarbeit zeigen. Die Blätter besprechen die Vorgänge ausführlich und heben hervor, daß die Entwicklung mit großer Aufmerksamkeit verfolgt werde. Aus zuverlässiger Quelle verlautet ferner, daß weitere Mitteilungen bevorstehen und daß die Bevölkerung die Ereignisse mit Ruhe und Vertrauen aufnimmt.

Die Verhandlungen wurden heute fortgesetzt, und es ergab sich in der Aussprache eine lebhafte Erörterung der Lage, über die von den verschiedenen Seiten berichtet wurde. Nach den vorliegenden Meldungen wird angenommen, daß die Regierung sich mit den Fragen eingehend beschäftigen und in nächster Zeit eine Erklärung abgeben wird, die über die weiteren Maßnahmen Aufschluß geben soll. In den Kreisen der Abgeordneten herrscht die Auffassung, daß eine Verständigung möglich ist, wenn die beteiligten Stellen den Willen zur Zusammenarbeit zeigen. Die Blätter besprechen die Vorgänge ausführlich und heben hervor, daß die Entwicklung mit großer Aufmerksamkeit verfolgt werde. Aus zuverlässiger Quelle verlautet ferner, daß weitere Mitteilungen bevorstehen und daß die Bevölkerung die Ereignisse mit Ruhe und Vertrauen aufnimmt.

Die Verhandlungen wurden heute fortgesetzt, und es ergab sich in der Aussprache eine lebhafte Erörterung der Lage, über die von den verschiedenen Seiten berichtet wurde. Nach den vorliegenden Meldungen wird angenommen, daß die Regierung sich mit den Fragen eingehend beschäftigen und in nächster Zeit eine Erklärung abgeben wird, die über die weiteren Maßnahmen Aufschluß geben soll. In den Kreisen der Abgeordneten herrscht die Auffassung, daß eine Verständigung möglich ist, wenn die beteiligten Stellen den Willen zur Zusammenarbeit zeigen. Die Blätter besprechen die Vorgänge ausführlich und heben hervor, daß die Entwicklung mit großer Aufmerksamkeit verfolgt werde. Aus zuverlässiger Quelle verlautet ferner, daß weitere Mitteilungen bevorstehen und daß die Bevölkerung die Ereignisse mit Ruhe und Vertrauen aufnimmt.

Die Verhandlungen wurden heute fortgesetzt, und es ergab sich in der Aussprache eine lebhafte Erörterung der Lage, über die von den verschiedenen Seiten berichtet wurde. Nach den vorliegenden Meldungen wird angenommen, daß die Regierung sich mit den Fragen eingehend beschäftigen und in nächster Zeit eine Erklärung abgeben wird, die über die weiteren Maßnahmen Aufschluß geben soll. In den Kreisen der Abgeordneten herrscht die Auffassung, daß eine Verständigung möglich ist, wenn die beteiligten Stellen den Willen zur Zusammenarbeit zeigen. Die Blätter besprechen die Vorgänge ausführlich und heben hervor, daß die Entwicklung mit großer Aufmerksamkeit verfolgt werde. Aus zuverlässiger Quelle verlautet ferner, daß weitere Mitteilungen bevorstehen und daß die Bevölkerung die Ereignisse mit Ruhe und Vertrauen aufnimmt.

❦
Der Sitzungsbericht.

Berlin, 8. März. Die Verhandlungen wurden heute fortgesetzt, und es ergab sich in der Aussprache eine lebhafte Erörterung der Lage, über die von den verschiedenen Seiten berichtet wurde. Nach den vorliegenden Meldungen wird angenommen, daß die Regierung sich mit den Fragen eingehend beschäftigen und in nächster Zeit eine Erklärung abgeben wird, die über die weiteren Maßnahmen Aufschluß geben soll. In den Kreisen der Abgeordneten herrscht die Auffassung, daß eine Verständigung möglich ist, wenn die beteiligten Stellen den Willen zur Zusammenarbeit zeigen. Die Blätter besprechen die Vorgänge ausführlich und heben hervor, daß die Entwicklung mit großer Aufmerksamkeit verfolgt werde. Aus zuverlässiger Quelle verlautet ferner, daß weitere Mitteilungen bevorstehen und daß die Bevölkerung die Ereignisse mit Ruhe und Vertrauen aufnimmt.

Etats der landwirtschaftlichen Verwaltung.

Fortgesetzt. Die Verhandlungen wurden heute fortgesetzt, und es ergab sich in der Aussprache eine lebhafte Erörterung der Lage, über die von den verschiedenen Seiten berichtet wurde. Nach den vorliegenden Meldungen wird angenommen, daß die Regierung sich mit den Fragen eingehend beschäftigen und in nächster Zeit eine Erklärung abgeben wird, die über die weiteren Maßnahmen Aufschluß geben soll. In den Kreisen der Abgeordneten herrscht die Auffassung, daß eine Verständigung möglich ist, wenn die beteiligten Stellen den Willen zur Zusammenarbeit zeigen. Die Blätter besprechen die Vorgänge ausführlich und heben hervor, daß die Entwicklung mit großer Aufmerksamkeit verfolgt werde. Aus zuverlässiger Quelle verlautet ferner, daß weitere Mitteilungen bevorstehen und daß die Bevölkerung die Ereignisse mit Ruhe und Vertrauen aufnimmt.

Abg. Oeser (Fortschr. Vp.): Die Verhandlungen wurden heute fortgesetzt, und es ergab sich in der Aussprache eine lebhafte Erörterung der Lage, über die von den verschiedenen Seiten berichtet wurde. Nach den vorliegenden Meldungen wird angenommen, daß die Regierung sich mit den Fragen eingehend beschäftigen und in nächster Zeit eine Erklärung abgeben wird, die über die weiteren Maßnahmen Aufschluß geben soll. In den Kreisen der Abgeordneten herrscht die Auffassung, daß eine Verständigung möglich ist, wenn die beteiligten Stellen den Willen zur Zusammenarbeit zeigen. Die Blätter besprechen die Vorgänge ausführlich und heben hervor, daß die Entwicklung mit großer Aufmerksamkeit verfolgt werde. Aus zuverlässiger Quelle verlautet ferner, daß weitere Mitteilungen bevorstehen und daß die Bevölkerung die Ereignisse mit Ruhe und Vertrauen aufnimmt.

Die Verhandlungen wurden heute fortgesetzt, und es ergab sich in der Aussprache eine lebhafte Erörterung der Lage, über die von den verschiedenen Seiten berichtet wurde. Nach den vorliegenden Meldungen wird angenommen, daß die Regierung sich mit den Fragen eingehend beschäftigen und in nächster Zeit eine Erklärung abgeben wird, die über die weiteren Maßnahmen Aufschluß geben soll. In den Kreisen der Abgeordneten herrscht die Auffassung, daß eine Verständigung möglich ist, wenn die beteiligten Stellen den Willen zur Zusammenarbeit zeigen. Die Blätter besprechen die Vorgänge ausführlich und heben hervor, daß die Entwicklung mit großer Aufmerksamkeit verfolgt werde. Aus zuverlässiger Quelle verlautet ferner, daß weitere Mitteilungen bevorstehen und daß die Bevölkerung die Ereignisse mit Ruhe und Vertrauen aufnimmt.
